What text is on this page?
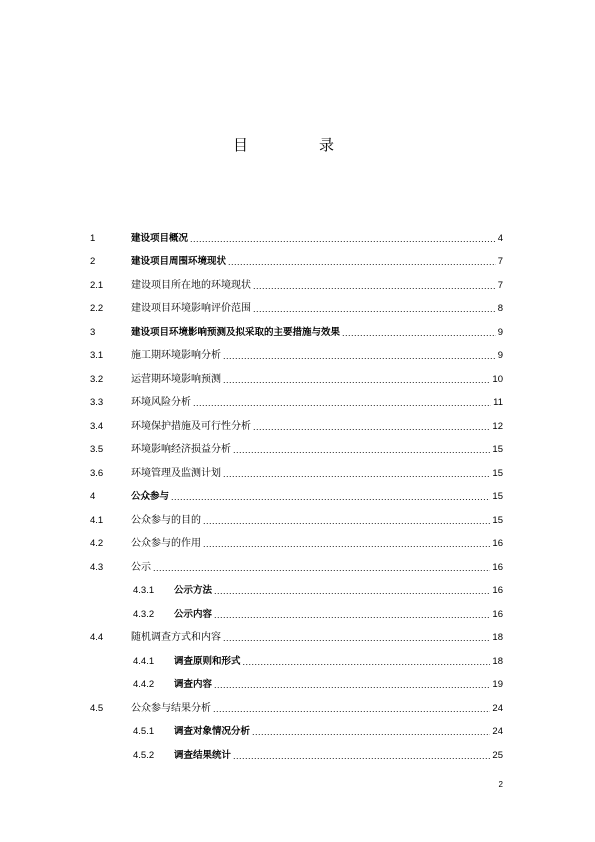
目　录
1	建设项目概况 .....	4
2	建设项目周围环境现状 .....	7
2.1	建设项目所在地的环境现状 .....	7
2.2	建设项目环境影响评价范围 .....	8
3	建设项目环境影响预测及拟采取的主要措施与效果 .....	9
3.1	施工期环境影响分析 .....	9
3.2	运营期环境影响预测 .....	10
3.3	环境风险分析 .....	11
3.4	环境保护措施及可行性分析 .....	12
3.5	环境影响经济损益分析 .....	15
3.6	环境管理及监测计划 .....	15
4	公众参与 .....	15
4.1	公众参与的目的 .....	15
4.2	公众参与的作用 .....	16
4.3	公示 .....	16
4.3.1	公示方法 .....	16
4.3.2	公示内容 .....	16
4.4	随机调查方式和内容 .....	18
4.4.1	调查原则和形式 .....	18
4.4.2	调查内容 .....	19
4.5	公众参与结果分析 .....	24
4.5.1	调查对象情况分析 .....	24
4.5.2	调查结果统计 .....	25
2
